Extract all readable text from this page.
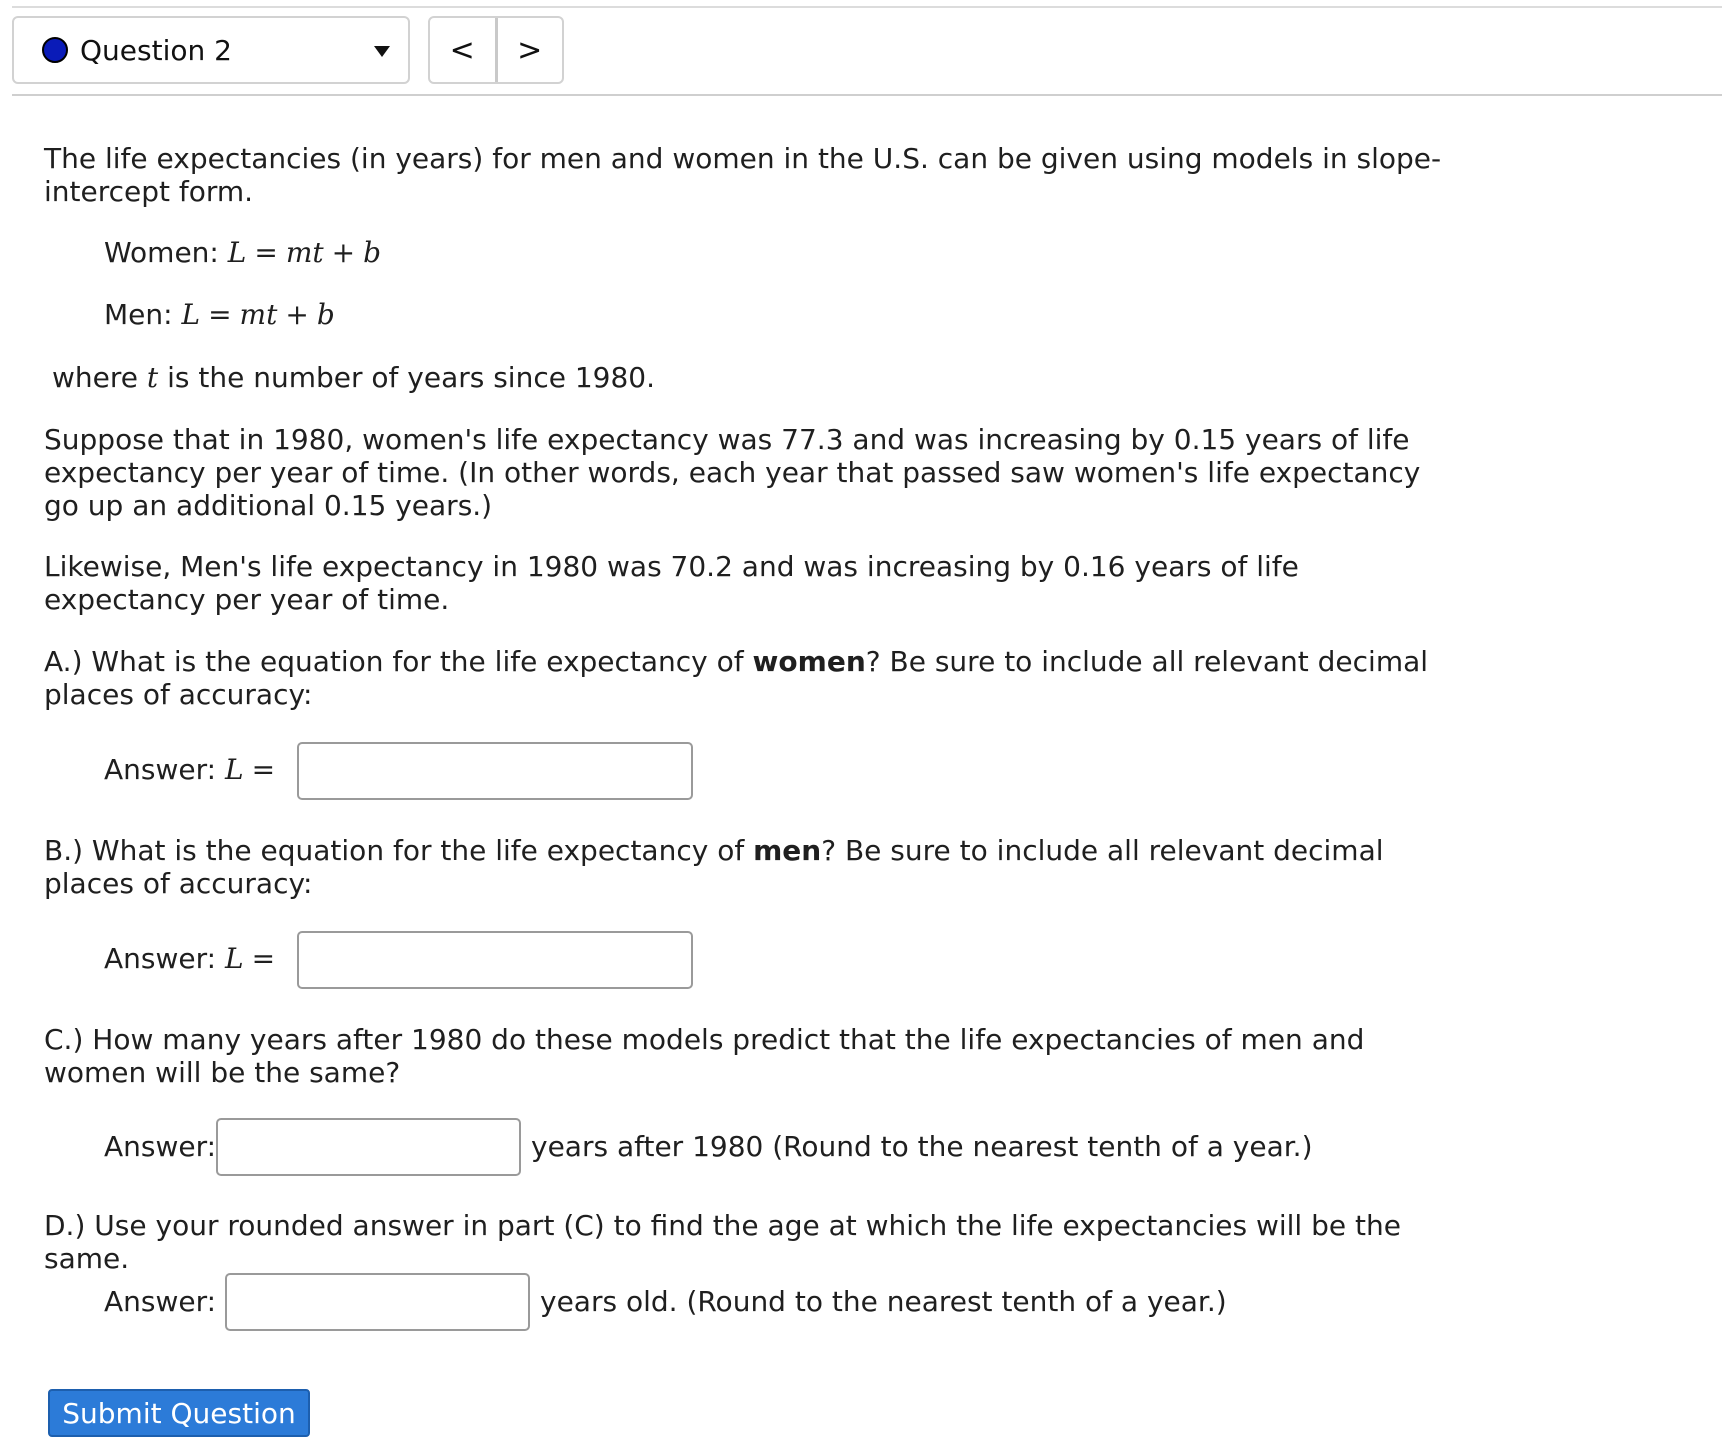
Question 2	<	>

The life expectancies (in years) for men and women in the U.S. can be given using models in slope-intercept form.

Women: L = mt + b

Men: L = mt + b

where t is the number of years since 1980.

Suppose that in 1980, women's life expectancy was 77.3 and was increasing by 0.15 years of life expectancy per year of time. (In other words, each year that passed saw women's life expectancy go up an additional 0.15 years.)

Likewise, Men's life expectancy in 1980 was 70.2 and was increasing by 0.16 years of life expectancy per year of time.

A.) What is the equation for the life expectancy of women? Be sure to include all relevant decimal places of accuracy:

Answer: L =

B.) What is the equation for the life expectancy of men? Be sure to include all relevant decimal places of accuracy:

Answer: L =

C.) How many years after 1980 do these models predict that the life expectancies of men and women will be the same?

Answer:	years after 1980 (Round to the nearest tenth of a year.)

D.) Use your rounded answer in part (C) to find the age at which the life expectancies will be the same.

Answer:	years old. (Round to the nearest tenth of a year.)

Submit Question
